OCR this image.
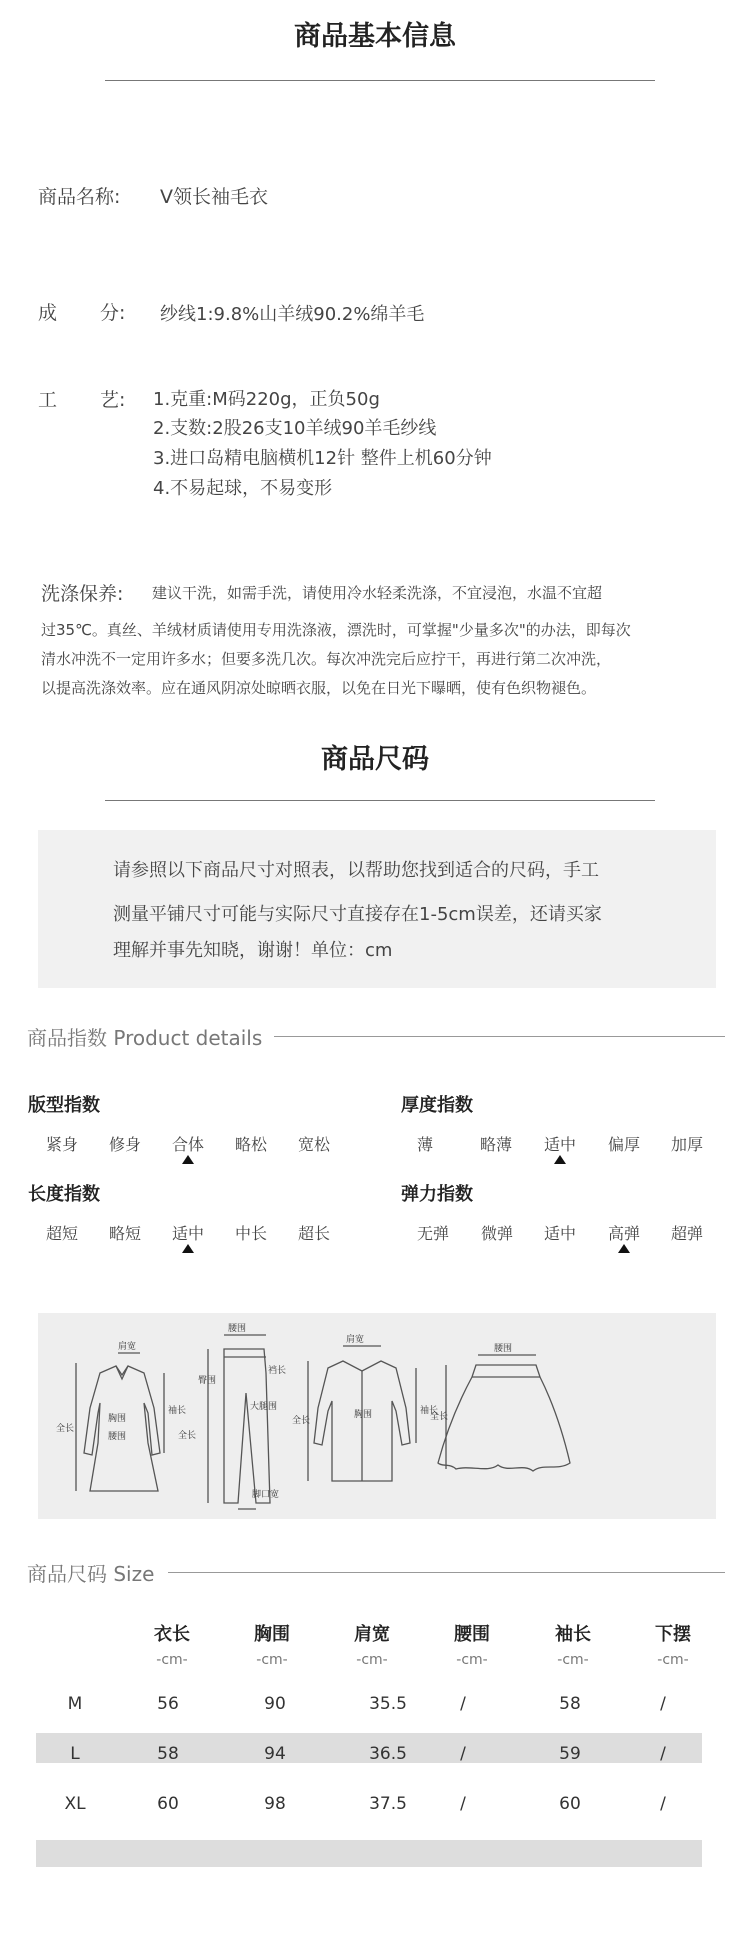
商品基本信息
商品名称: V领长袖毛衣
成 分: 纱线1:9.8%山羊绒90.2%绵羊毛
工 艺: 1.克重:M码220g，正负50g
2.支数:2股26支10羊绒90羊毛纱线
3.进口岛精电脑横机12针 整件上机60分钟
4.不易起球，不易变形
洗涤保养: 建议干洗，如需手洗，请使用冷水轻柔洗涤，不宜浸泡，水温不宜超
过35℃。真丝、羊绒材质请使用专用洗涤液，漂洗时，可掌握"少量多次"的办法，即每次
清水冲洗不一定用许多水；但要多洗几次。每次冲洗完后应拧干，再进行第二次冲洗，
以提高洗涤效率。应在通风阴凉处晾晒衣服，以免在日光下曝晒，使有色织物褪色。
商品尺码
请参照以下商品尺寸对照表，以帮助您找到适合的尺码，手工
测量平铺尺寸可能与实际尺寸直接存在1-5cm误差，还请买家
理解并事先知晓，谢谢！单位：cm
商品指数 Product details
版型指数
紧身	修身	合体	略松	宽松
厚度指数
薄	略薄	适中	偏厚	加厚
长度指数
超短	略短	适中	中长	超长
弹力指数
无弹	微弹	适中	高弹	超弹
肩宽
胸围
腰围
全长
袖长
腰围
臀围
裆长
大腿围
全长
脚口宽
肩宽
胸围
全长
袖长
腰围
全长
商品尺码 Size
衣长	胸围	肩宽	腰围	袖长	下摆
-cm-	-cm-	-cm-	-cm-	-cm-	-cm-
M	56	90	35.5	/	58	/
L	58	94	36.5	/	59	/
XL	60	98	37.5	/	60	/
